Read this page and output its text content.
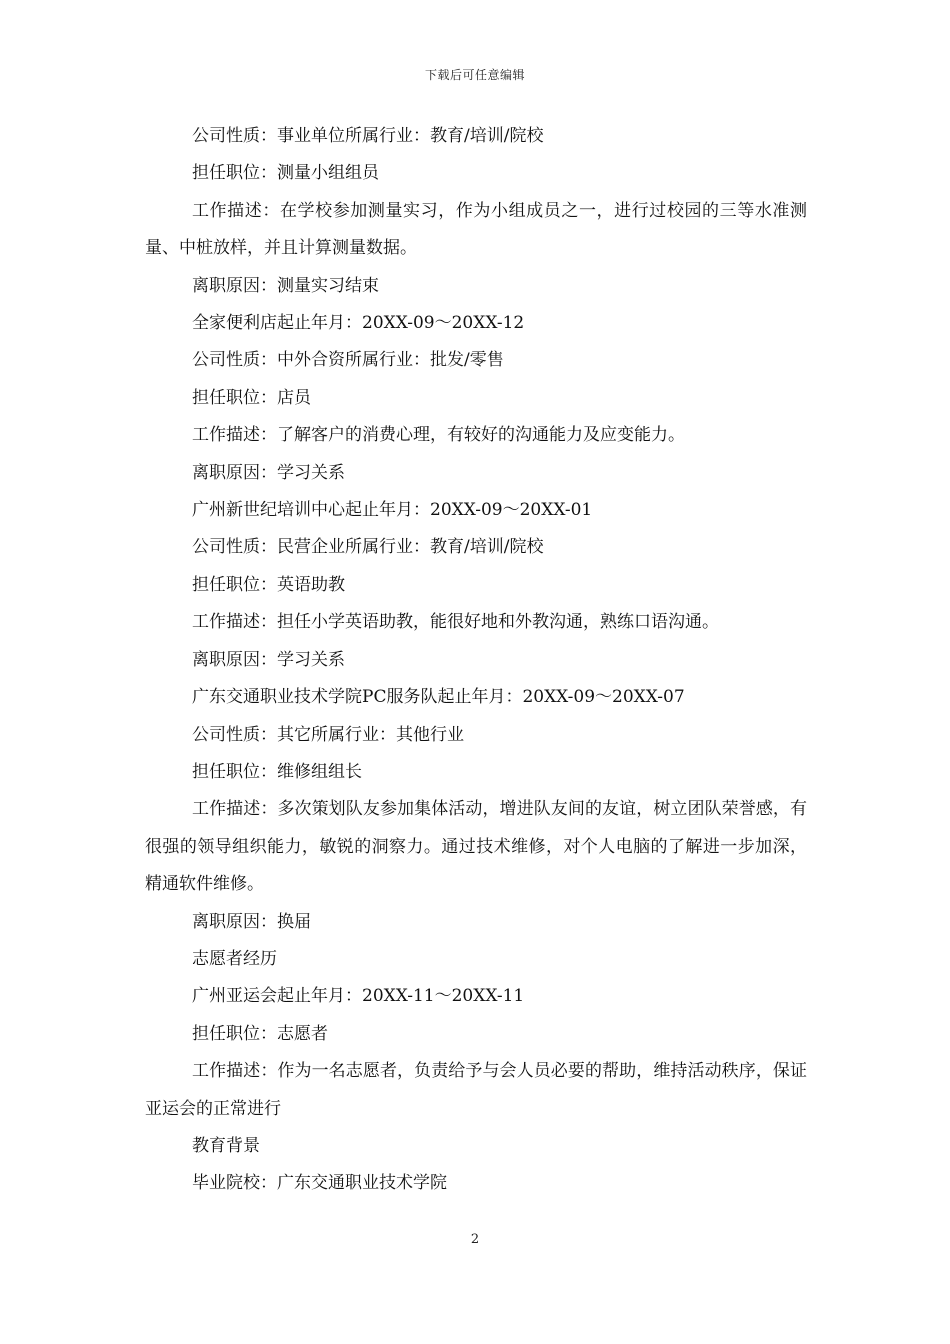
下载后可任意编辑

公司性质：事业单位所属行业：教育/培训/院校

担任职位：测量小组组员

工作描述：在学校参加测量实习，作为小组成员之一，进行过校园的三等水准测量、中桩放样，并且计算测量数据。

离职原因：测量实习结束

全家便利店起止年月：20XX-09～20XX-12

公司性质：中外合资所属行业：批发/零售

担任职位：店员

工作描述：了解客户的消费心理，有较好的沟通能力及应变能力。

离职原因：学习关系

广州新世纪培训中心起止年月：20XX-09～20XX-01

公司性质：民营企业所属行业：教育/培训/院校

担任职位：英语助教

工作描述：担任小学英语助教，能很好地和外教沟通，熟练口语沟通。

离职原因：学习关系

广东交通职业技术学院PC服务队起止年月：20XX-09～20XX-07

公司性质：其它所属行业：其他行业

担任职位：维修组组长

工作描述：多次策划队友参加集体活动，增进队友间的友谊，树立团队荣誉感，有很强的领导组织能力，敏锐的洞察力。通过技术维修，对个人电脑的了解进一步加深，精通软件维修。

离职原因：换届

志愿者经历

广州亚运会起止年月：20XX-11～20XX-11

担任职位：志愿者

工作描述：作为一名志愿者，负责给予与会人员必要的帮助，维持活动秩序，保证亚运会的正常进行

教育背景

毕业院校：广东交通职业技术学院

2
